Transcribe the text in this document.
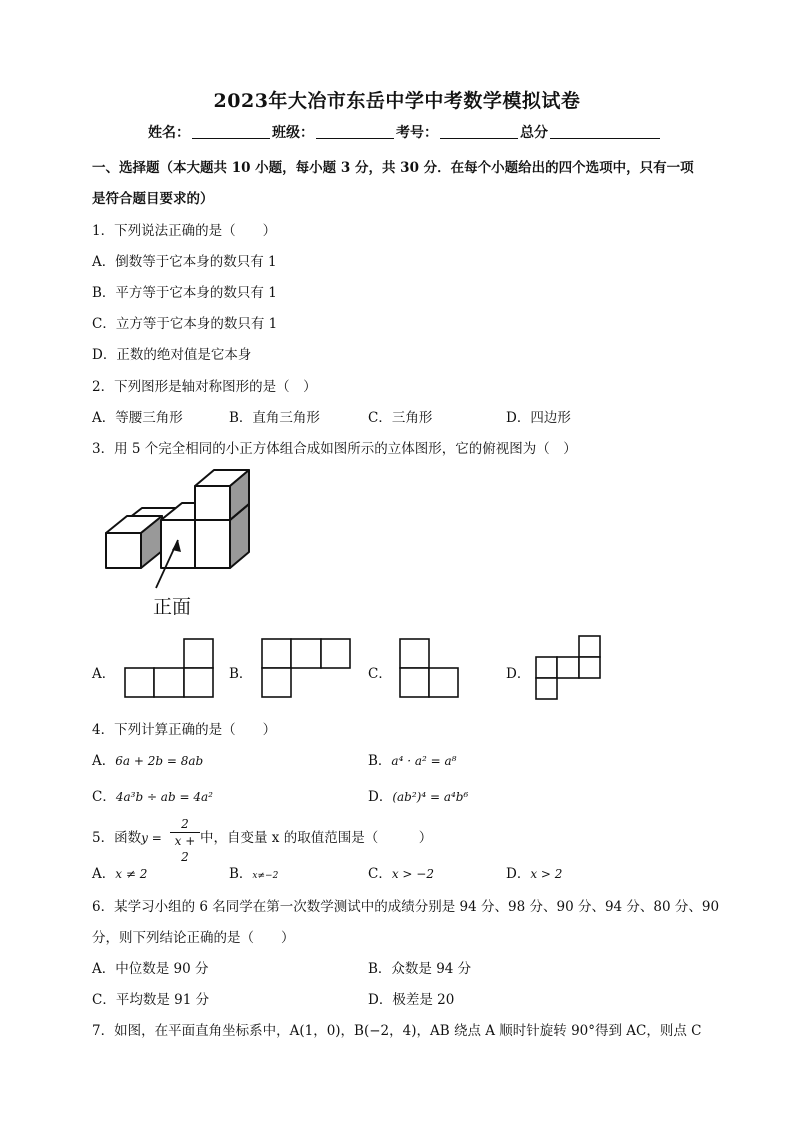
2023年大冶市东岳中学中考数学模拟试卷
姓名：	班级：	考号：	总分
一、选择题（本大题共 10 小题，每小题 3 分，共 30 分．在每个小题给出的四个选项中，只有一项
是符合题目要求的）
1．下列说法正确的是（　　）
A．倒数等于它本身的数只有 1
B．平方等于它本身的数只有 1
C．立方等于它本身的数只有 1
D．正数的绝对值是它本身
2．下列图形是轴对称图形的是（　）
A．等腰三角形	B．直角三角形	C．三角形	D．四边形
3．用 5 个完全相同的小正方体组合成如图所示的立体图形，它的俯视图为（　）
正面
A．	B．	C．	D．
4．下列计算正确的是（　　）
A．6a + 2b = 8ab	B．a⁴ · a² = a⁸
C．4a³b ÷ ab = 4a²	D．(ab²)⁴ = a⁴b⁶
5．函数$y = \frac{2}{x + 2}$ 中，自变量 x 的取值范围是（　　　）
A．x ≠ 2	B．x≠−2	C．x > −2	D．x > 2
6．某学习小组的 6 名同学在第一次数学测试中的成绩分别是 94 分、98 分、90 分、94 分、80 分、90
分，则下列结论正确的是（　　）
A．中位数是 90 分	B．众数是 94 分
C．平均数是 91 分	D．极差是 20
7．如图，在平面直角坐标系中，A(1，0)，B(−2，4)，AB 绕点 A 顺时针旋转 90°得到 AC，则点 C
